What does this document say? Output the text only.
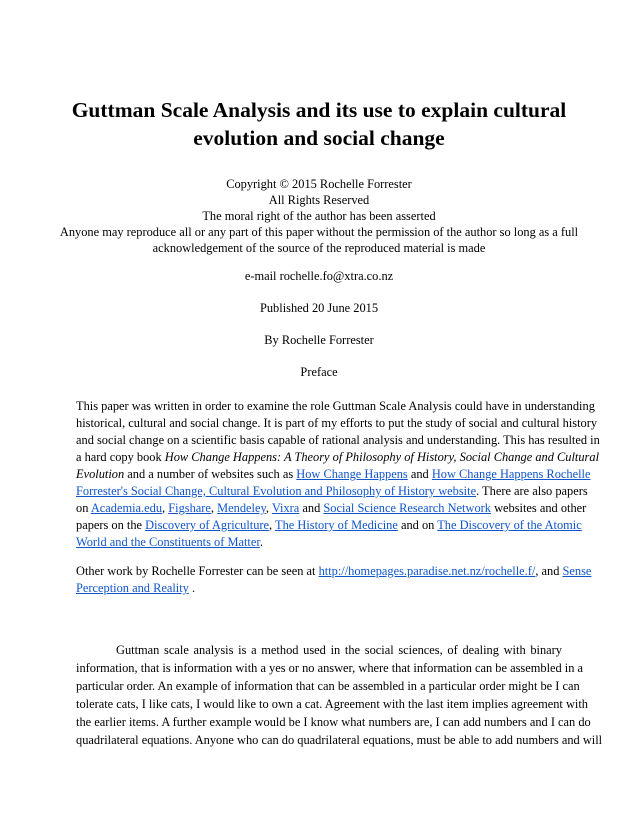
Guttman Scale Analysis and its use to explain cultural
evolution and social change
Copyright © 2015 Rochelle Forrester
All Rights Reserved
The moral right of the author has been asserted
Anyone may reproduce all or any part of this paper without the permission of the author so long as a full
acknowledgement of the source of the reproduced material is made
e-mail rochelle.fo@xtra.co.nz
Published 20 June 2015
By Rochelle Forrester
Preface
This paper was written in order to examine the role Guttman Scale Analysis could have in understanding
historical, cultural and social change. It is part of my efforts to put the study of social and cultural history
and social change on a scientific basis capable of rational analysis and understanding. This has resulted in
a hard copy book How Change Happens: A Theory of Philosophy of History, Social Change and Cultural
Evolution and a number of websites such as How Change Happens and How Change Happens Rochelle
Forrester's Social Change, Cultural Evolution and Philosophy of History website. There are also papers
on Academia.edu, Figshare, Mendeley, Vixra and Social Science Research Network websites and other
papers on the Discovery of Agriculture, The History of Medicine and on The Discovery of the Atomic
World and the Constituents of Matter.
Other work by Rochelle Forrester can be seen at http://homepages.paradise.net.nz/rochelle.f/, and Sense
Perception and Reality .
Guttman scale analysis is a method used in the social sciences, of dealing with binary
information, that is information with a yes or no answer, where that information can be assembled in a
particular order. An example of information that can be assembled in a particular order might be I can
tolerate cats, I like cats, I would like to own a cat. Agreement with the last item implies agreement with
the earlier items. A further example would be I know what numbers are, I can add numbers and I can do
quadrilateral equations. Anyone who can do quadrilateral equations, must be able to add numbers and will
